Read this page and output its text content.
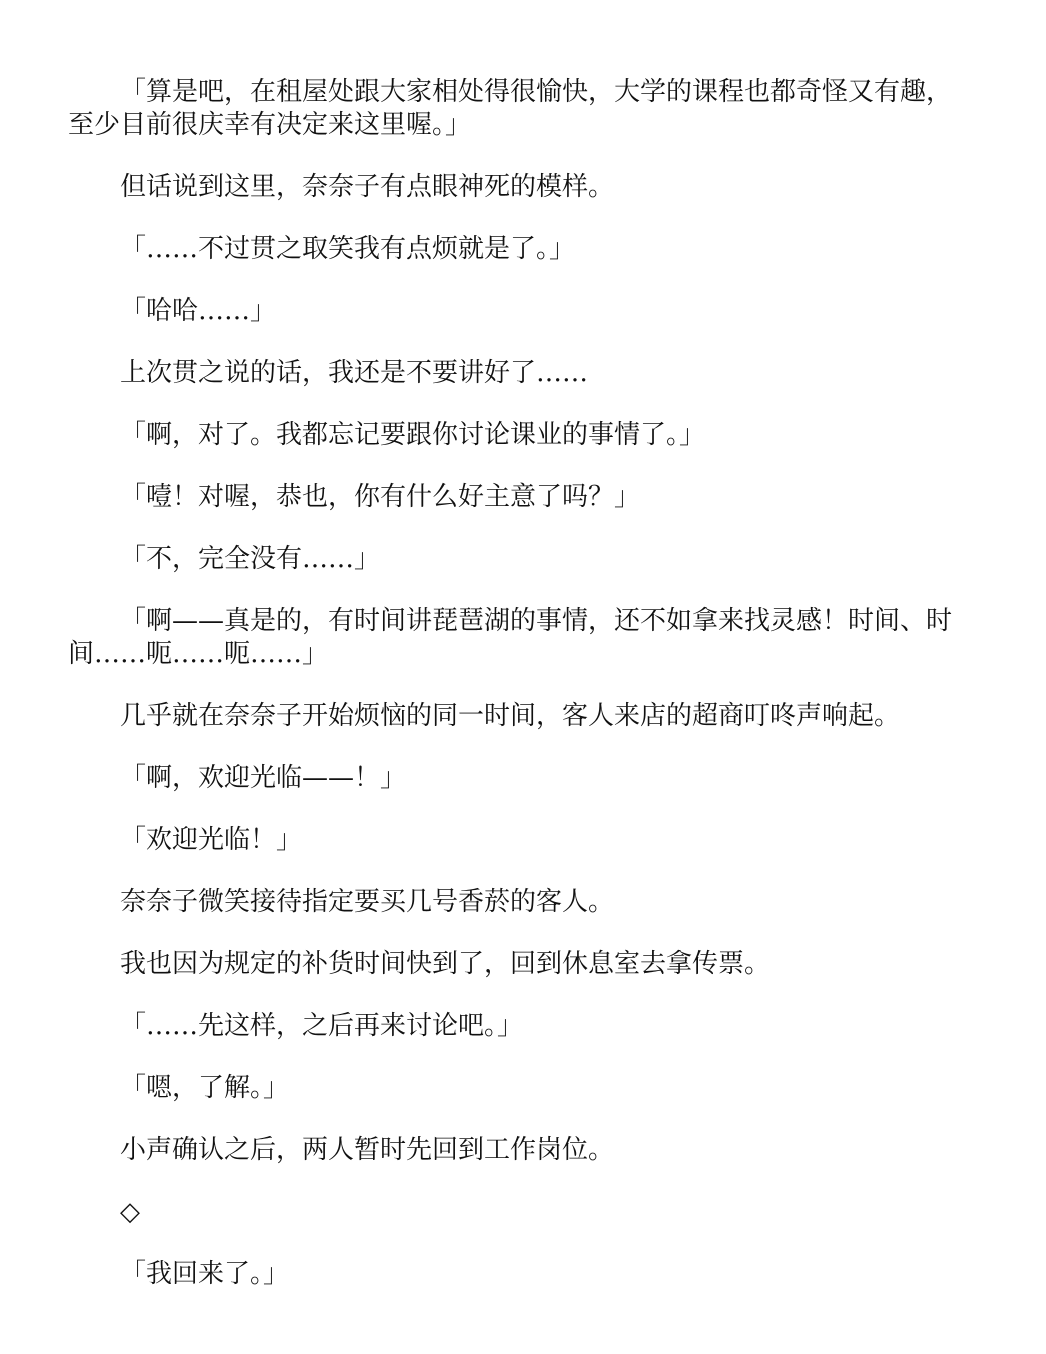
「算是吧，在租屋处跟大家相处得很愉快，大学的课程也都奇怪又有趣，至少目前很庆幸有决定来这里喔。」

但话说到这里，奈奈子有点眼神死的模样。

「……不过贯之取笑我有点烦就是了。」

「哈哈……」

上次贯之说的话，我还是不要讲好了……

「啊，对了。我都忘记要跟你讨论课业的事情了。」

「噎！对喔，恭也，你有什么好主意了吗？」

「不，完全没有……」

「啊——真是的，有时间讲琵琶湖的事情，还不如拿来找灵感！时间、时间……呃……呃……」

几乎就在奈奈子开始烦恼的同一时间，客人来店的超商叮咚声响起。

「啊，欢迎光临——！」

「欢迎光临！」

奈奈子微笑接待指定要买几号香菸的客人。

我也因为规定的补货时间快到了，回到休息室去拿传票。

「……先这样，之后再来讨论吧。」

「嗯，了解。」

小声确认之后，两人暂时先回到工作岗位。

◇

「我回来了。」
